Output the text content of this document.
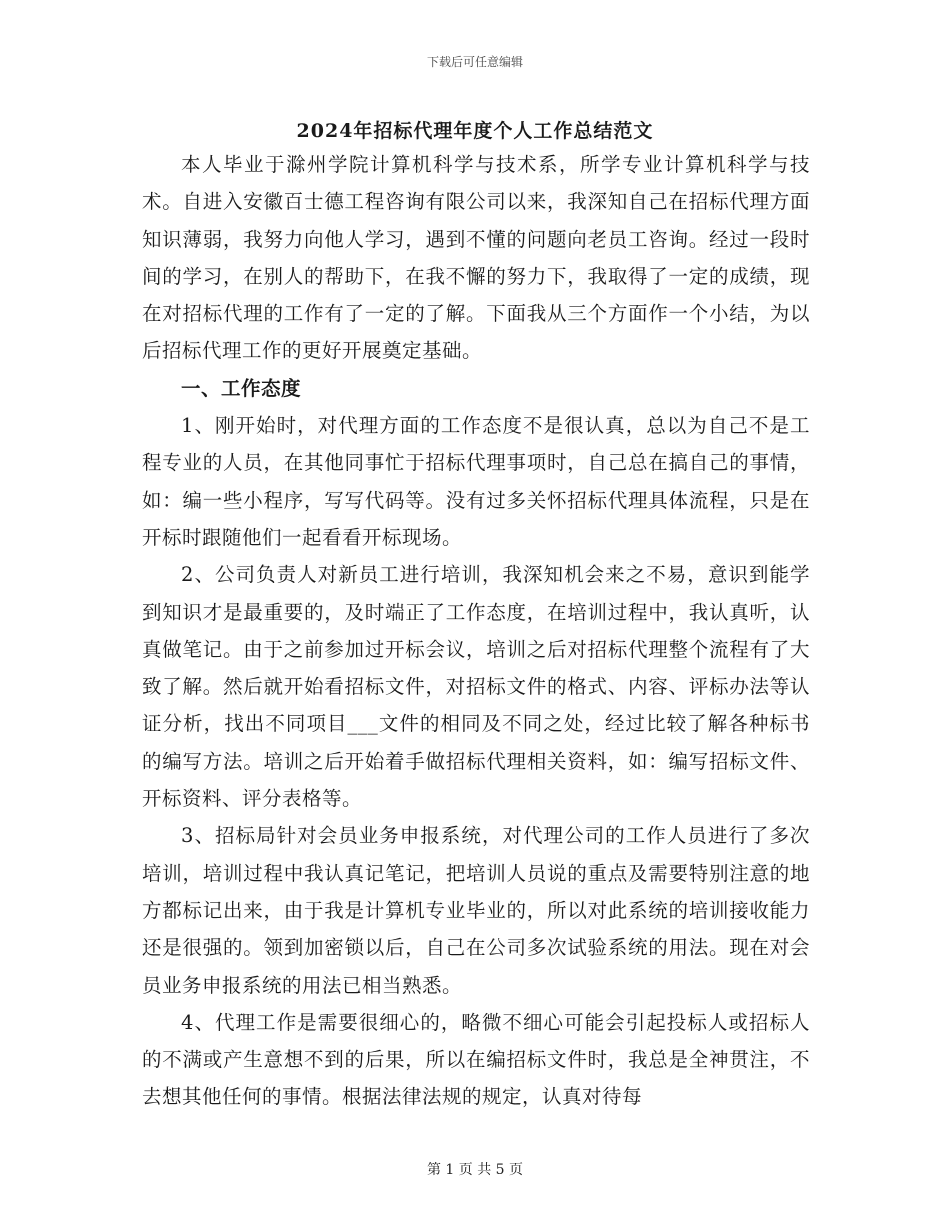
下载后可任意编辑
2024年招标代理年度个人工作总结范文

本人毕业于滁州学院计算机科学与技术系，所学专业计算机科学与技术。自进入安徽百士德工程咨询有限公司以来，我深知自己在招标代理方面知识薄弱，我努力向他人学习，遇到不懂的问题向老员工咨询。经过一段时间的学习，在别人的帮助下，在我不懈的努力下，我取得了一定的成绩，现在对招标代理的工作有了一定的了解。下面我从三个方面作一个小结，为以后招标代理工作的更好开展奠定基础。

一、工作态度

1、刚开始时，对代理方面的工作态度不是很认真，总以为自己不是工程专业的人员，在其他同事忙于招标代理事项时，自己总在搞自己的事情，如：编一些小程序，写写代码等。没有过多关怀招标代理具体流程，只是在开标时跟随他们一起看看开标现场。

2、公司负责人对新员工进行培训，我深知机会来之不易，意识到能学到知识才是最重要的，及时端正了工作态度，在培训过程中，我认真听，认真做笔记。由于之前参加过开标会议，培训之后对招标代理整个流程有了大致了解。然后就开始看招标文件，对招标文件的格式、内容、评标办法等认证分析，找出不同项目___文件的相同及不同之处，经过比较了解各种标书的编写方法。培训之后开始着手做招标代理相关资料，如：编写招标文件、开标资料、评分表格等。

3、招标局针对会员业务申报系统，对代理公司的工作人员进行了多次培训，培训过程中我认真记笔记，把培训人员说的重点及需要特别注意的地方都标记出来，由于我是计算机专业毕业的，所以对此系统的培训接收能力还是很强的。领到加密锁以后，自己在公司多次试验系统的用法。现在对会员业务申报系统的用法已相当熟悉。

4、代理工作是需要很细心的，略微不细心可能会引起投标人或招标人的不满或产生意想不到的后果，所以在编招标文件时，我总是全神贯注，不去想其他任何的事情。根据法律法规的规定，认真对待每

第 1 页 共 5 页
